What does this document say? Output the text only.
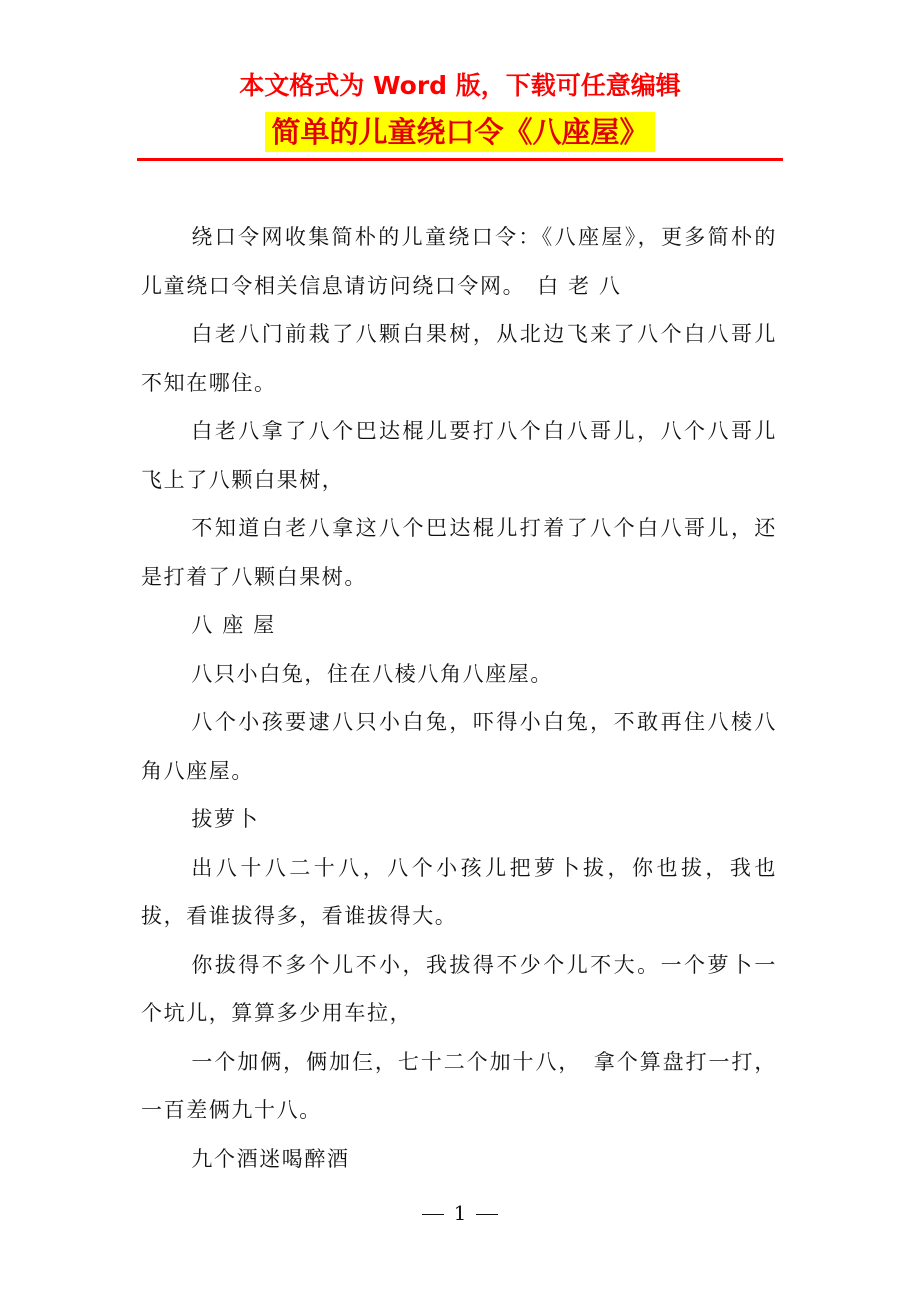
本文格式为 Word 版，下载可任意编辑
简单的儿童绕口令《八座屋》

绕口令网收集简朴的儿童绕口令：《八座屋》，更多简朴的儿童绕口令相关信息请访问绕口令网。　白 老 八

白老八门前栽了八颗白果树，从北边飞来了八个白八哥儿不知在哪住。

白老八拿了八个巴达棍儿要打八个白八哥儿，八个八哥儿飞上了八颗白果树，

不知道白老八拿这八个巴达棍儿打着了八个白八哥儿，还是打着了八颗白果树。

八 座 屋

八只小白兔，住在八棱八角八座屋。

八个小孩要逮八只小白兔，吓得小白兔，不敢再住八棱八角八座屋。

拔萝卜

出八十八二十八，八个小孩儿把萝卜拔，你也拔，我也拔，看谁拔得多，看谁拔得大。

你拔得不多个儿不小，我拔得不少个儿不大。一个萝卜一个坑儿，算算多少用车拉，

一个加俩，俩加仨，七十二个加十八，　拿个算盘打一打，一百差俩九十八。

九个酒迷喝醉酒

1
